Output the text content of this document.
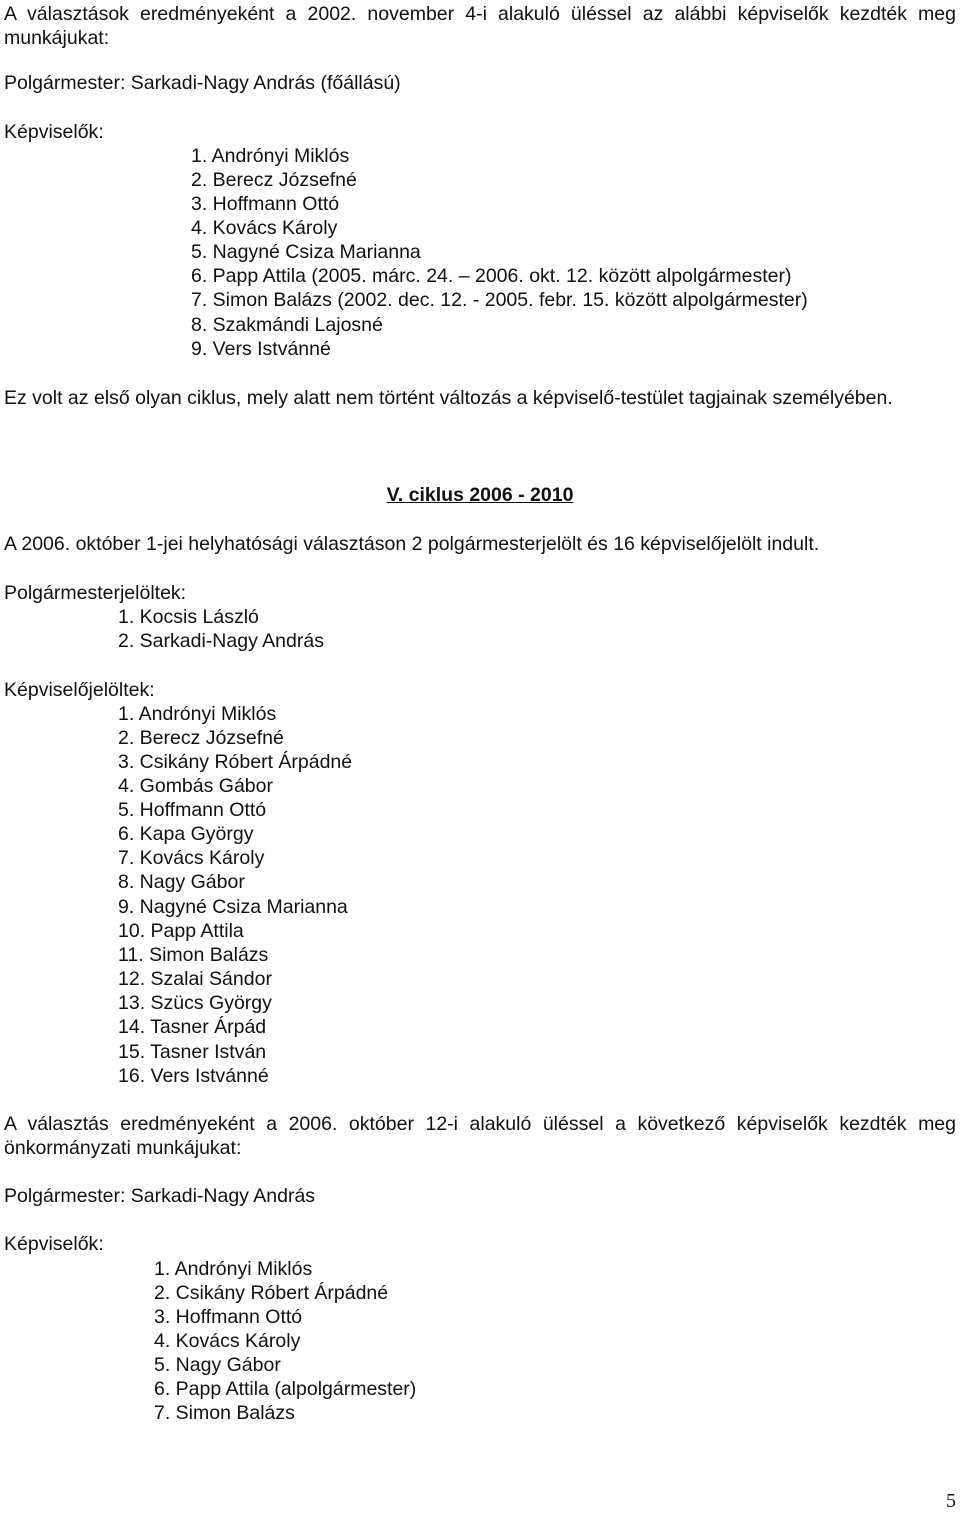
A választások eredményeként a 2002. november 4-i alakuló üléssel az alábbi képviselők kezdték meg munkájukat:
Polgármester: Sarkadi-Nagy András (főállású)
Képviselők:
1. Andrónyi Miklós
2. Berecz Józsefné
3. Hoffmann Ottó
4. Kovács Károly
5. Nagyné Csiza Marianna
6. Papp Attila (2005. márc. 24. – 2006. okt. 12. között alpolgármester)
7. Simon Balázs (2002. dec. 12. - 2005. febr. 15. között alpolgármester)
8. Szakmándi Lajosné
9. Vers Istvánné
Ez volt az első olyan ciklus, mely alatt nem történt változás a képviselő-testület tagjainak személyében.
V. ciklus 2006 - 2010
A 2006. október 1-jei helyhatósági választáson 2 polgármesterjelölt és 16 képviselőjelölt indult.
Polgármesterjelöltek:
1. Kocsis László
2. Sarkadi-Nagy András
Képviselőjelöltek:
1. Andrónyi Miklós
2. Berecz Józsefné
3. Csikány Róbert Árpádné
4. Gombás Gábor
5. Hoffmann Ottó
6. Kapa György
7. Kovács Károly
8. Nagy Gábor
9. Nagyné Csiza Marianna
10. Papp Attila
11. Simon Balázs
12. Szalai Sándor
13. Szücs György
14. Tasner Árpád
15. Tasner István
16. Vers Istvánné
A választás eredményeként a 2006. október 12-i alakuló üléssel a következő képviselők kezdték meg önkormányzati munkájukat:
Polgármester: Sarkadi-Nagy András
Képviselők:
1. Andrónyi Miklós
2. Csikány Róbert Árpádné
3. Hoffmann Ottó
4. Kovács Károly
5. Nagy Gábor
6. Papp Attila (alpolgármester)
7. Simon Balázs
5
